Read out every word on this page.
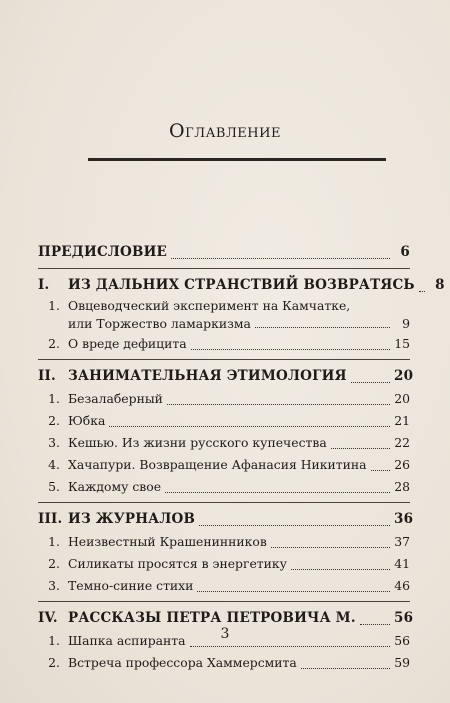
Оглавление
ПРЕДИСЛОВИЕ	6
I.	ИЗ ДАЛЬНИХ СТРАНСТВИЙ ВОЗВРАТЯСЬ	8
1. Овцеводческий эксперимент на Камчатке,
или Торжество ламаркизма	9
2. О вреде дефицита	15
II. ЗАНИМАТЕЛЬНАЯ ЭТИМОЛОГИЯ	20
1. Безалаберный	20
2. Юбка	21
3. Кешью. Из жизни русского купечества	22
4. Хачапури. Возвращение Афанасия Никитина 26
5. Каждому свое	28
III. ИЗ ЖУРНАЛОВ	36
1. Неизвестный Крашенинников	37
2. Силикаты просятся в энергетику	41
3. Темно-синие стихи	46
IV. РАССКАЗЫ ПЕТРА ПЕТРОВИЧА М.	56
1. Шапка аспиранта	56
2. Встреча профессора Хаммерсмита	59
3
